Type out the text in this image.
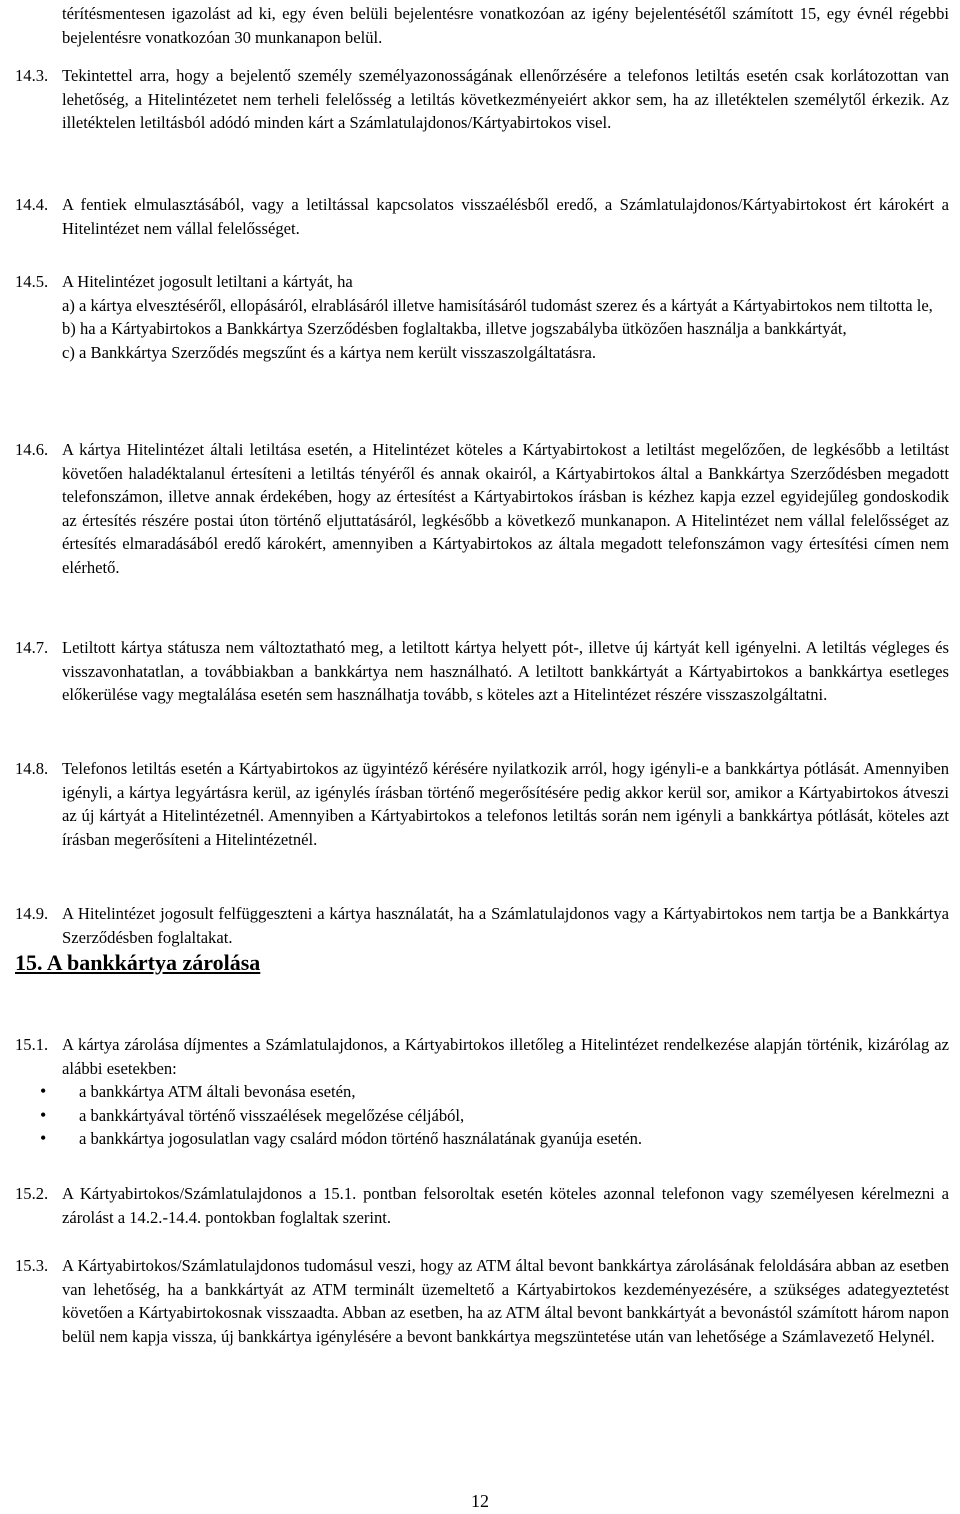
térítésmentesen igazolást ad ki, egy éven belüli bejelentésre vonatkozóan az igény bejelentésétől számított 15, egy évnél régebbi bejelentésre vonatkozóan 30 munkanapon belül.
14.3. Tekintettel arra, hogy a bejelentő személy személyazonosságának ellenőrzésére a telefonos letiltás esetén csak korlátozottan van lehetőség, a Hitelintézetet nem terheli felelősség a letiltás következményeiért akkor sem, ha az illetéktelen személytől érkezik. Az illetéktelen letiltásból adódó minden kárt a Számlatulajdonos/Kártyabirtokos visel.
14.4. A fentiek elmulasztásából, vagy a letiltással kapcsolatos visszaélésből eredő, a Számlatulajdonos/Kártyabirtokost ért károkért a Hitelintézet nem vállal felelősséget.
14.5. A Hitelintézet jogosult letiltani a kártyát, ha
a) a kártya elvesztéséről, ellopásáról, elrablásáról illetve hamisításáról tudomást szerez és a kártyát a Kártyabirtokos nem tiltotta le,
b) ha a Kártyabirtokos a Bankkártya Szerződésben foglaltakba, illetve jogszabályba ütközően használja a bankkártyát,
c) a Bankkártya Szerződés megszűnt és a kártya nem került visszaszolgáltatásra.
14.6. A kártya Hitelintézet általi letiltása esetén, a Hitelintézet köteles a Kártyabirtokost a letiltást megelőzően, de legkésőbb a letiltást követően haladéktalanul értesíteni a letiltás tényéről és annak okairól, a Kártyabirtokos által a Bankkártya Szerződésben megadott telefonszámon, illetve annak érdekében, hogy az értesítést a Kártyabirtokos írásban is kézhez kapja ezzel egyidejűleg gondoskodik az értesítés részére postai úton történő eljuttatásáról, legkésőbb a következő munkanapon. A Hitelintézet nem vállal felelősséget az értesítés elmaradásából eredő károkért, amennyiben a Kártyabirtokos az általa megadott telefonszámon vagy értesítési címen nem elérhető.
14.7. Letiltott kártya státusza nem változtatható meg, a letiltott kártya helyett pót-, illetve új kártyát kell igényelni. A letiltás végleges és visszavonhatatlan, a továbbiakban a bankkártya nem használható. A letiltott bankkártyát a Kártyabirtokos a bankkártya esetleges előkerülése vagy megtalálása esetén sem használhatja tovább, s köteles azt a Hitelintézet részére visszaszolgáltatni.
14.8. Telefonos letiltás esetén a Kártyabirtokos az ügyintéző kérésére nyilatkozik arról, hogy igényli-e a bankkártya pótlását. Amennyiben igényli, a kártya legyártásra kerül, az igénylés írásban történő megerősítésére pedig akkor kerül sor, amikor a Kártyabirtokos átveszi az új kártyát a Hitelintézetnél. Amennyiben a Kártyabirtokos a telefonos letiltás során nem igényli a bankkártya pótlását, köteles azt írásban megerősíteni a Hitelintézetnél.
14.9. A Hitelintézet jogosult felfüggeszteni a kártya használatát, ha a Számlatulajdonos vagy a Kártyabirtokos nem tartja be a Bankkártya Szerződésben foglaltakat.
15. A bankkártya zárolása
15.1. A kártya zárolása díjmentes a Számlatulajdonos, a Kártyabirtokos illetőleg a Hitelintézet rendelkezése alapján történik, kizárólag az alábbi esetekben:
• a bankkártya ATM általi bevonása esetén,
• a bankkártyával történő visszaélések megelőzése céljából,
• a bankkártya jogosulatlan vagy csalárd módon történő használatának gyanúja esetén.
15.2. A Kártyabirtokos/Számlatulajdonos a 15.1. pontban felsoroltak esetén köteles azonnal telefonon vagy személyesen kérelmezni a zárolást a 14.2.-14.4. pontokban foglaltak szerint.
15.3. A Kártyabirtokos/Számlatulajdonos tudomásul veszi, hogy az ATM által bevont bankkártya zárolásának feloldására abban az esetben van lehetőség, ha a bankkártyát az ATM terminált üzemeltető a Kártyabirtokos kezdeményezésére, a szükséges adategyeztetést követően a Kártyabirtokosnak visszaadta. Abban az esetben, ha az ATM által bevont bankkártyát a bevonástól számított három napon belül nem kapja vissza, új bankkártya igénylésére a bevont bankkártya megszüntetése után van lehetősége a Számlavezető Helynél.
12
